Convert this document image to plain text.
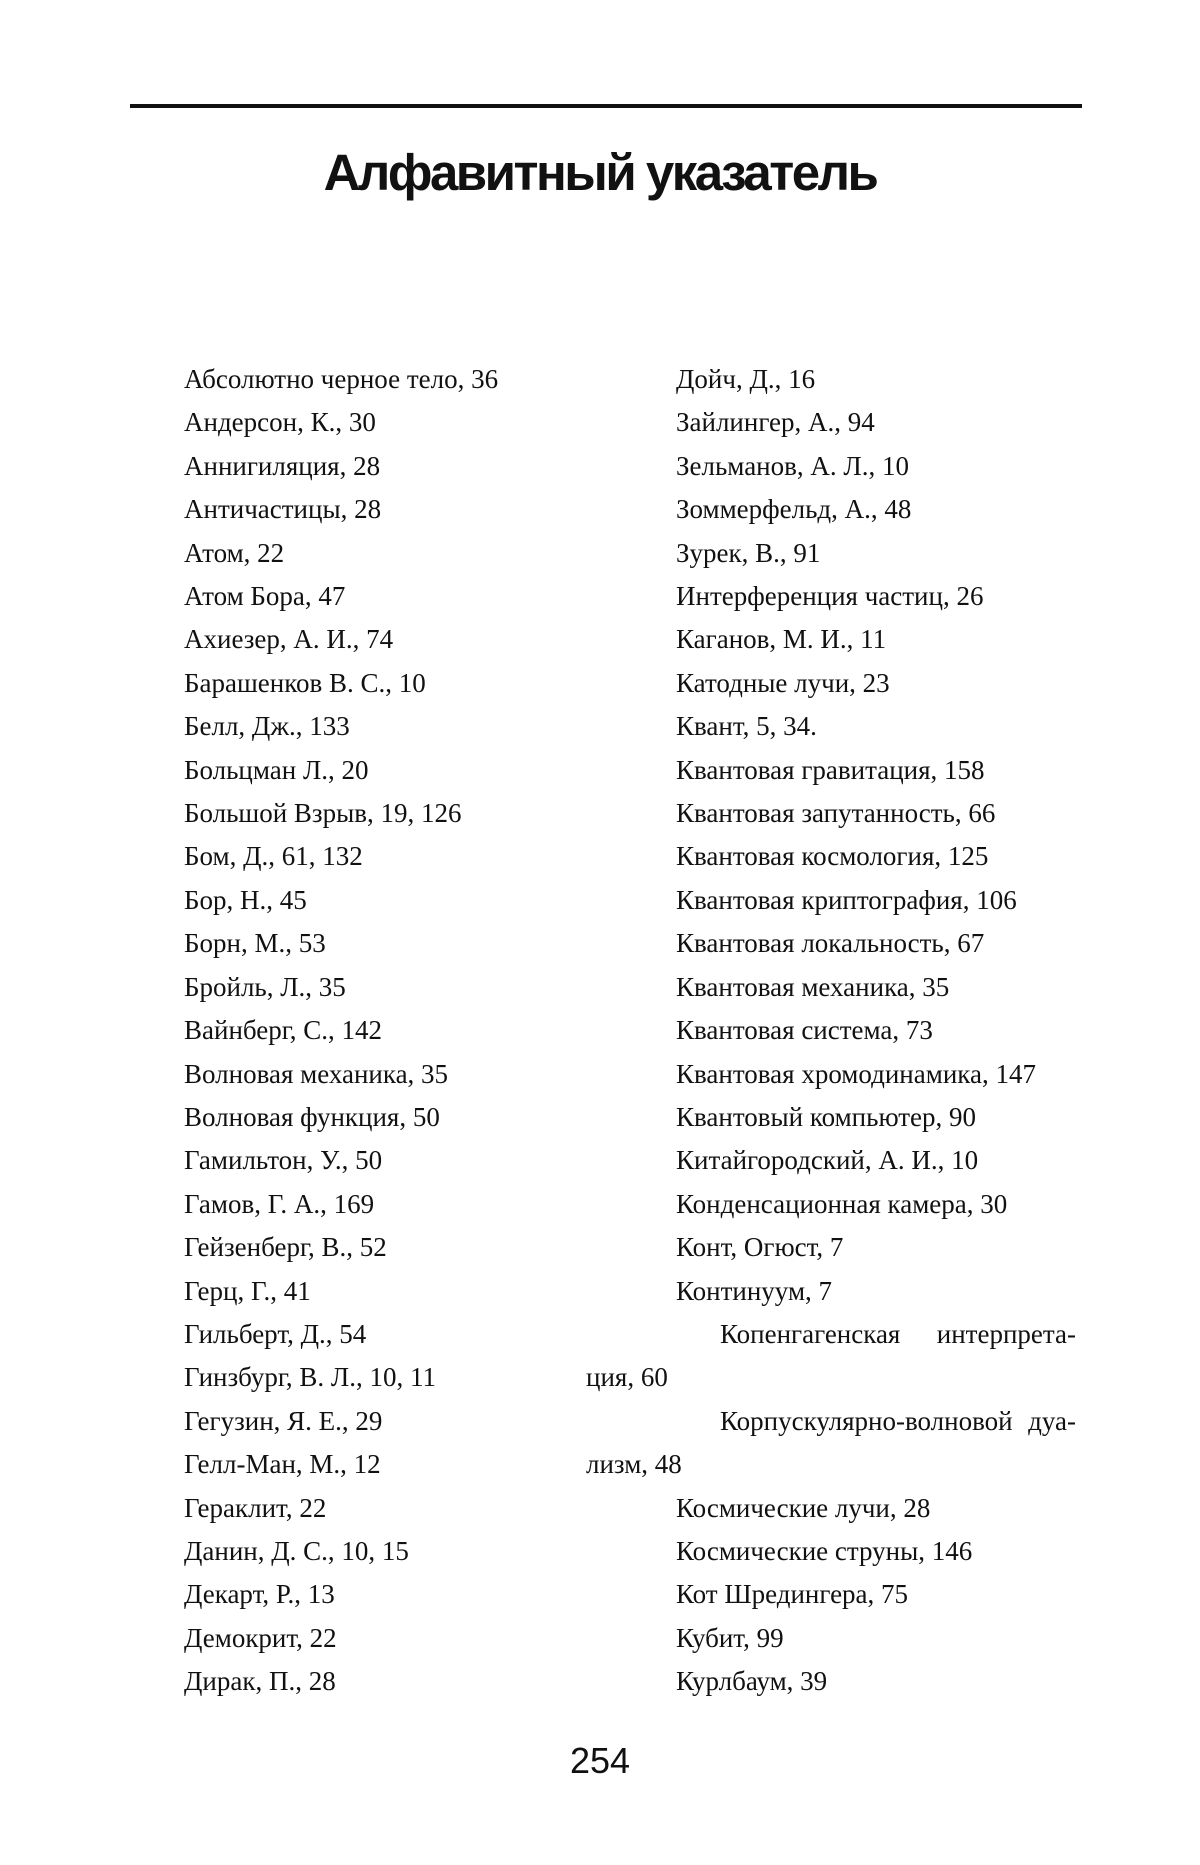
Алфавитный указатель
Абсолютно черное тело, 36
Андерсон, К., 30
Аннигиляция, 28
Античастицы, 28
Атом, 22
Атом Бора, 47
Ахиезер, А. И., 74
Барашенков В. С., 10
Белл, Дж., 133
Больцман Л., 20
Большой Взрыв, 19, 126
Бом, Д., 61, 132
Бор, Н., 45
Борн, М., 53
Бройль, Л., 35
Вайнберг, С., 142
Волновая механика, 35
Волновая функция, 50
Гамильтон, У., 50
Гамов, Г. А., 169
Гейзенберг, В., 52
Герц, Г., 41
Гильберт, Д., 54
Гинзбург, В. Л., 10, 11
Гегузин, Я. Е., 29
Гелл-Ман, М., 12
Гераклит, 22
Данин, Д. С., 10, 15
Декарт, Р., 13
Демокрит, 22
Дирак, П., 28
Дойч, Д., 16
Зайлингер, А., 94
Зельманов, А. Л., 10
Зоммерфельд, А., 48
Зурек, В., 91
Интерференция частиц, 26
Каганов, М. И., 11
Катодные лучи, 23
Квант, 5, 34.
Квантовая гравитация, 158
Квантовая запутанность, 66
Квантовая космология, 125
Квантовая криптография, 106
Квантовая локальность, 67
Квантовая механика, 35
Квантовая система, 73
Квантовая хромодинамика, 147
Квантовый компьютер, 90
Китайгородский, А. И., 10
Конденсационная камера, 30
Конт, Огюст, 7
Континуум, 7
Копенгагенская интерпрета-
ция, 60
Корпускулярно-волновой дуа-
лизм, 48
Космические лучи, 28
Космические струны, 146
Кот Шредингера, 75
Кубит, 99
Курлбаум, 39
254
